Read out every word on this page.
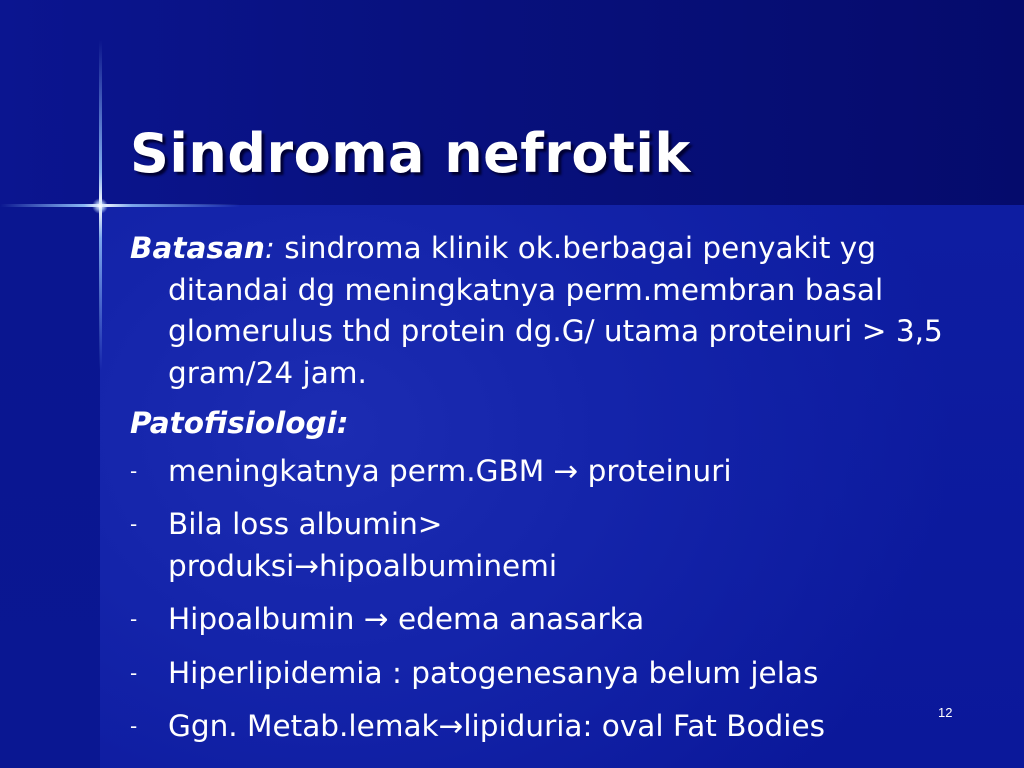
Sindroma nefrotik

Batasan: sindroma klinik ok.berbagai penyakit yg ditandai dg meningkatnya perm.membran basal glomerulus thd protein dg.G/ utama proteinuri > 3,5 gram/24 jam.

Patofisiologi:

-	meningkatnya perm.GBM → proteinuri
-	Bila loss albumin> produksi→hipoalbuminemi
-	Hipoalbumin → edema anasarka
-	Hiperlipidemia : patogenesanya belum jelas
-	Ggn. Metab.lemak→lipiduria: oval Fat Bodies	12
